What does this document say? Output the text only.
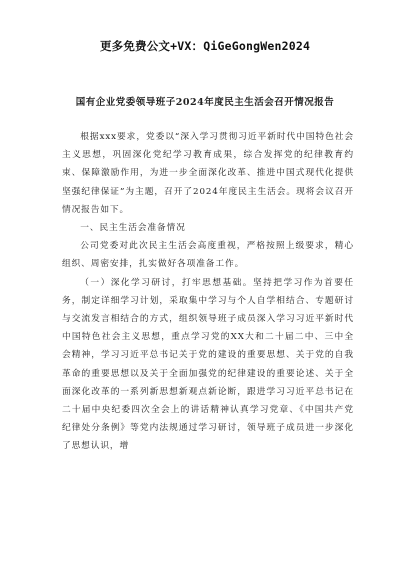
更多免费公文+VX：QiGeGongWen2024
国有企业党委领导班子2024年度民主生活会召开情况报告

根据xxx要求，党委以“深入学习贯彻习近平新时代中国特色社会主义思想，巩固深化党纪学习教育成果，综合发挥党的纪律教育约束、保障激励作用，为进一步全面深化改革、推进中国式现代化提供坚强纪律保证”为主题，召开了2024年度民主生活会。现将会议召开情况报告如下。

一、民主生活会准备情况

公司党委对此次民主生活会高度重视，严格按照上级要求，精心组织、周密安排，扎实做好各项准备工作。

（一）深化学习研讨，打牢思想基础。坚持把学习作为首要任务，制定详细学习计划，采取集中学习与个人自学相结合、专题研讨与交流发言相结合的方式，组织领导班子成员深入学习习近平新时代中国特色社会主义思想，重点学习党的XX大和二十届二中、三中全会精神，学习习近平总书记关于党的建设的重要思想、关于党的自我革命的重要思想以及关于全面加强党的纪律建设的重要论述、关于全面深化改革的一系列新思想新观点新论断，跟进学习习近平总书记在二十届中央纪委四次全会上的讲话精神认真学习党章、《中国共产党纪律处分条例》等党内法规通过学习研讨，领导班子成员进一步深化了思想认识，增
